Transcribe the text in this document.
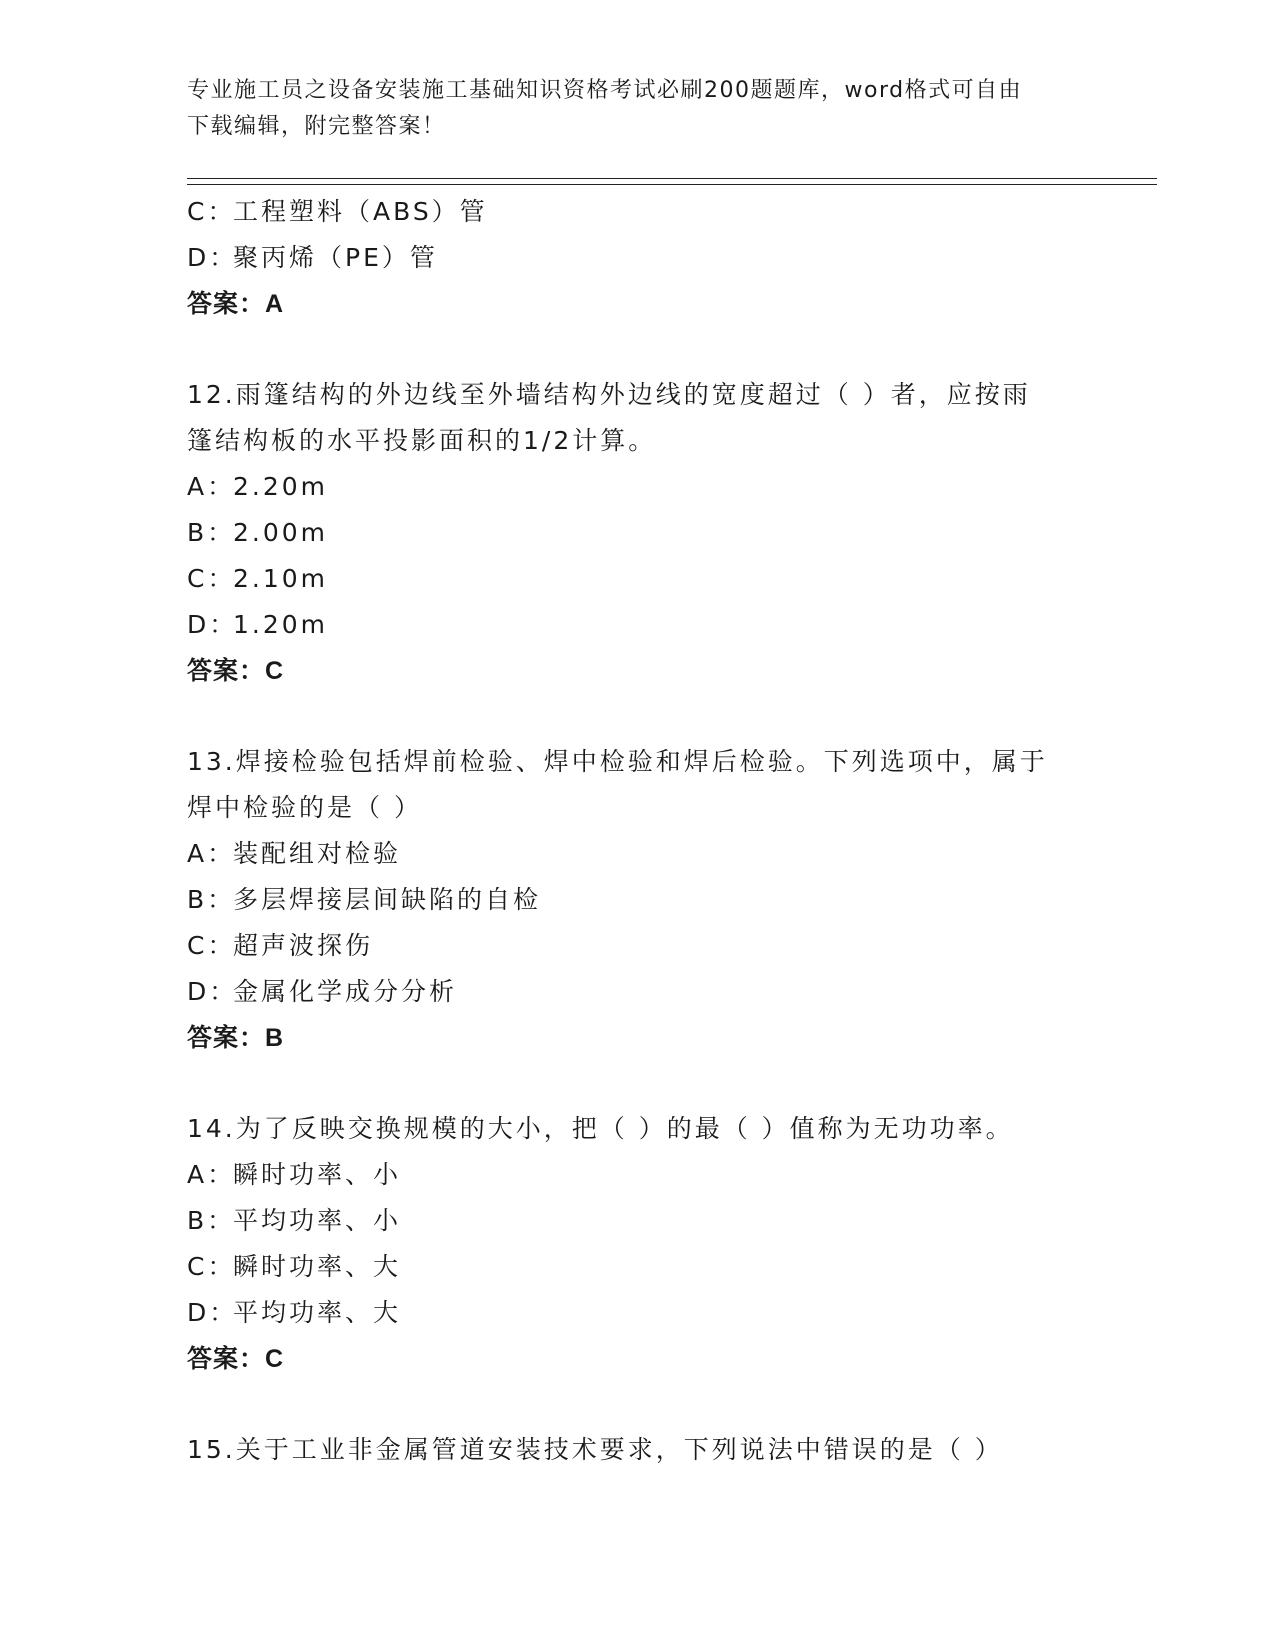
专业施工员之设备安装施工基础知识资格考试必刷200题题库，word格式可自由
下载编辑，附完整答案！
C：工程塑料（ABS）管
D：聚丙烯（PE）管
答案：A
12.雨篷结构的外边线至外墙结构外边线的宽度超过（ ）者，应按雨
篷结构板的水平投影面积的1/2计算。
A：2.20m
B：2.00m
C：2.10m
D：1.20m
答案：C
13.焊接检验包括焊前检验、焊中检验和焊后检验。下列选项中，属于
焊中检验的是（ ）
A：装配组对检验
B：多层焊接层间缺陷的自检
C：超声波探伤
D：金属化学成分分析
答案：B
14.为了反映交换规模的大小，把（ ）的最（ ）值称为无功功率。
A：瞬时功率、小
B：平均功率、小
C：瞬时功率、大
D：平均功率、大
答案：C
15.关于工业非金属管道安装技术要求，下列说法中错误的是（ ）
